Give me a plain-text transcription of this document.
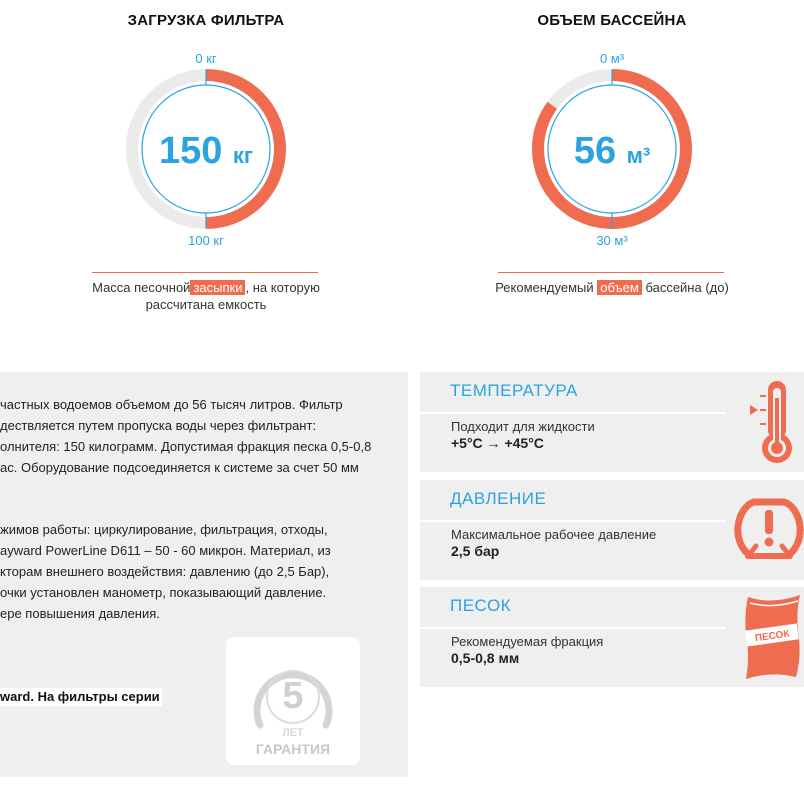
ЗАГРУЗКА ФИЛЬТРА
0 кг
150 кг
100 кг
Масса песочной засыпки , на которую рассчитана емкость
ОБЪЕМ БАССЕЙНА
0 м³
56 м³
30 м³
Рекомендуемый объем бассейна (до)
частных водоемов объемом до 56 тысяч литров. Фильтр
дествляется путем пропуска воды через фильтрант:
олнителя: 150 килограмм. Допустимая фракция песка 0,5-0,8
ас. Оборудование подсоединяется к системе за счет 50 мм
жимов работы: циркулирование, фильтрация, отходы,
ayward PowerLine D611 – 50 - 60 микрон. Материал, из
кторам внешнего воздействия: давлению (до 2,5 Бар),
очки установлен манометр, показывающий давление.
ере повышения давления.
ward. На фильтры серии	5
ЛЕТ
ГАРАНТИЯ
ТЕМПЕРАТУРА
Подходит для жидкости
+5°C → +45°C
ДАВЛЕНИЕ
Максимальное рабочее давление
2,5 бар
ПЕСОК
Рекомендуемая фракция
0,5-0,8 мм
ПЕСОК
